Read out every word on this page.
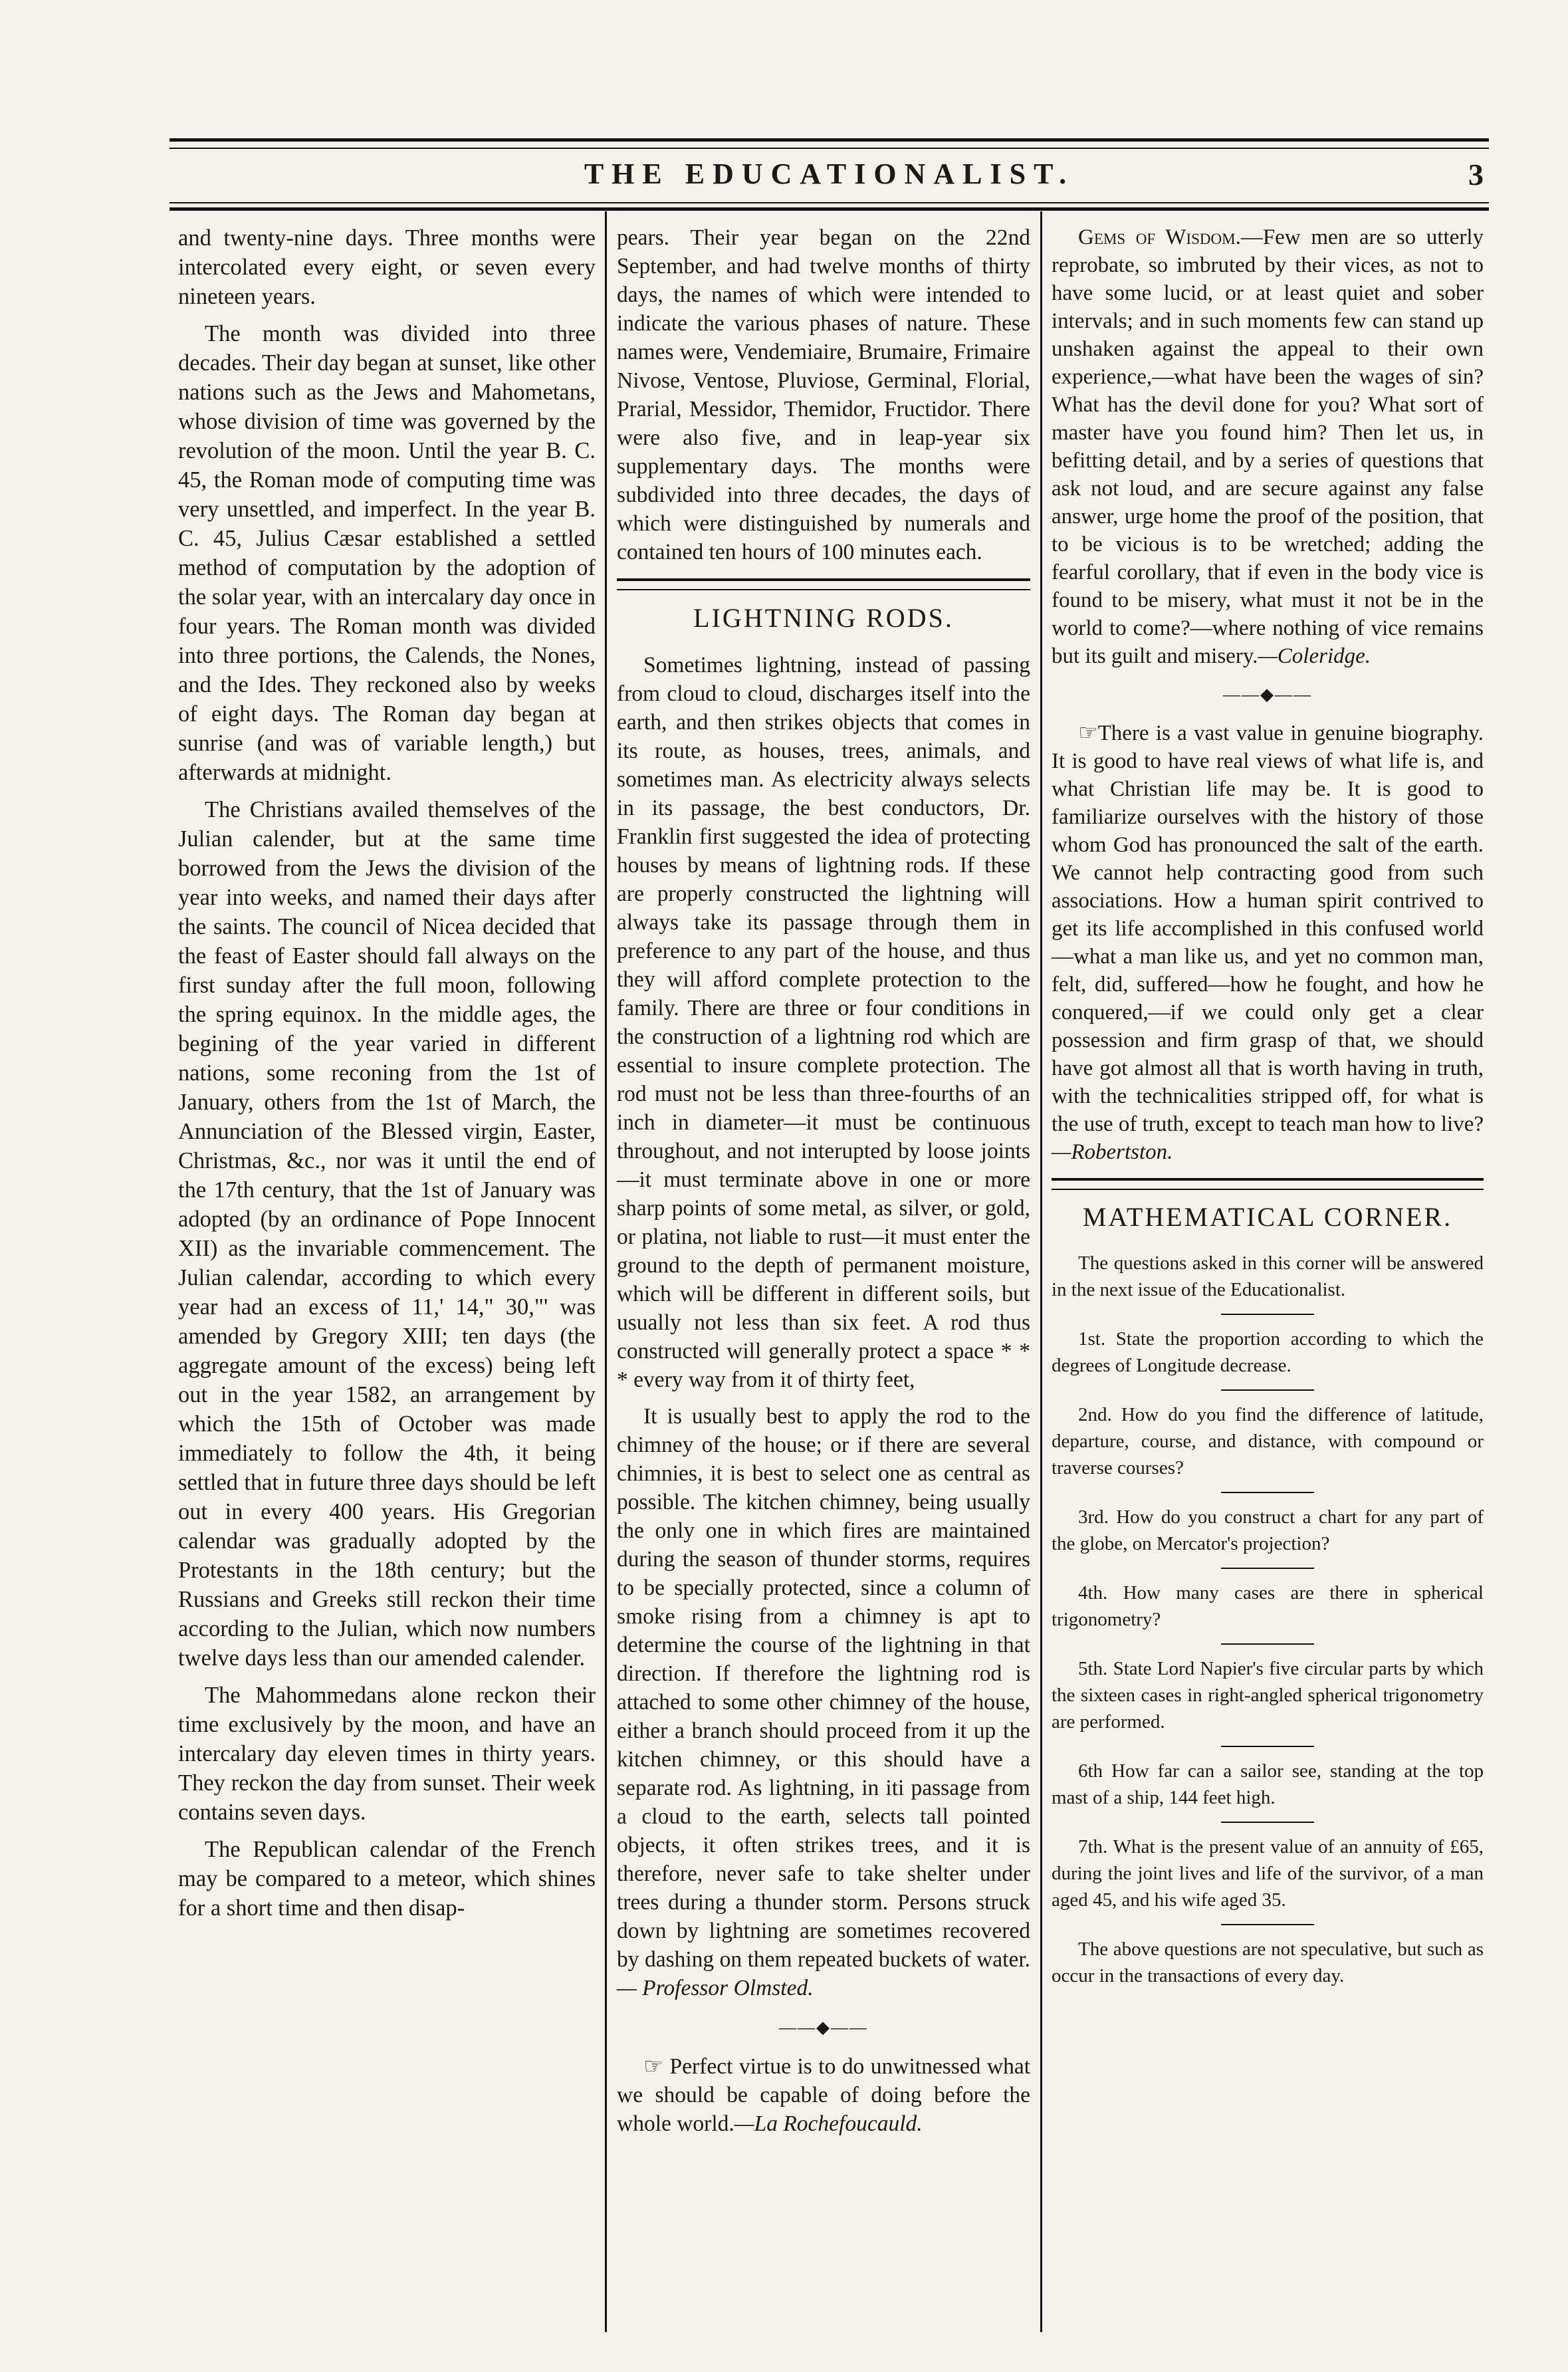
THE EDUCATIONALIST.	3

and twenty-nine days. Three months were intercolated every eight, or seven every nineteen years.

The month was divided into three decades. Their day began at sunset, like other nations such as the Jews and Mahometans, whose division of time was governed by the revolution of the moon. Until the year B. C. 45, the Roman mode of computing time was very unsettled, and imperfect. In the year B. C. 45, Julius Cæsar established a settled method of computation by the adoption of the solar year, with an intercalary day once in four years. The Roman month was divided into three portions, the Calends, the Nones, and the Ides. They reckoned also by weeks of eight days. The Roman day began at sunrise (and was of variable length,) but afterwards at midnight.

The Christians availed themselves of the Julian calender, but at the same time borrowed from the Jews the division of the year into weeks, and named their days after the saints. The council of Nicea decided that the feast of Easter should fall always on the first sunday after the full moon, following the spring equinox. In the middle ages, the begining of the year varied in different nations, some reconing from the 1st of January, others from the 1st of March, the Annunciation of the Blessed virgin, Easter, Christmas, &c., nor was it until the end of the 17th century, that the 1st of January was adopted (by an ordinance of Pope Innocent XII) as the invariable commencement. The Julian calendar, according to which every year had an excess of 11,' 14," 30,"' was amended by Gregory XIII; ten days (the aggregate amount of the excess) being left out in the year 1582, an arrangement by which the 15th of October was made immediately to follow the 4th, it being settled that in future three days should be left out in every 400 years. His Gregorian calendar was gradually adopted by the Protestants in the 18th century; but the Russians and Greeks still reckon their time according to the Julian, which now numbers twelve days less than our amended calender.

The Mahommedans alone reckon their time exclusively by the moon, and have an intercalary day eleven times in thirty years. They reckon the day from sunset. Their week contains seven days.

The Republican calendar of the French may be compared to a meteor, which shines for a short time and then disap-

pears. Their year began on the 22nd September, and had twelve months of thirty days, the names of which were intended to indicate the various phases of nature. These names were, Vendemiaire, Brumaire, Frimaire Nivose, Ventose, Pluviose, Germinal, Florial, Prarial, Messidor, Themidor, Fructidor. There were also five, and in leap-year six supplementary days. The months were subdivided into three decades, the days of which were distinguished by numerals and contained ten hours of 100 minutes each.

LIGHTNING RODS.

Sometimes lightning, instead of passing from cloud to cloud, discharges itself into the earth, and then strikes objects that comes in its route, as houses, trees, animals, and sometimes man. As electricity always selects in its passage, the best conductors, Dr. Franklin first suggested the idea of protecting houses by means of lightning rods. If these are properly constructed the lightning will always take its passage through them in preference to any part of the house, and thus they will afford complete protection to the family. There are three or four conditions in the construction of a lightning rod which are essential to insure complete protection. The rod must not be less than three-fourths of an inch in diameter—it must be continuous throughout, and not interupted by loose joints—it must terminate above in one or more sharp points of some metal, as silver, or gold, or platina, not liable to rust—it must enter the ground to the depth of permanent moisture, which will be different in different soils, but usually not less than six feet. A rod thus constructed will generally protect a space * * * every way from it of thirty feet,

It is usually best to apply the rod to the chimney of the house; or if there are several chimnies, it is best to select one as central as possible. The kitchen chimney, being usually the only one in which fires are maintained during the season of thunder storms, requires to be specially protected, since a column of smoke rising from a chimney is apt to determine the course of the lightning in that direction. If therefore the lightning rod is attached to some other chimney of the house, either a branch should proceed from it up the kitchen chimney, or this should have a separate rod. As lightning, in iti passage from a cloud to the earth, selects tall pointed objects, it often strikes trees, and it is therefore, never safe to take shelter under trees during a thunder storm. Persons struck down by lightning are sometimes recovered by dashing on them repeated buckets of water. — Professor Olmsted.

——◆——

☞ Perfect virtue is to do unwitnessed what we should be capable of doing before the whole world.—La Rochefoucauld.

Gems of Wisdom.—Few men are so utterly reprobate, so imbruted by their vices, as not to have some lucid, or at least quiet and sober intervals; and in such moments few can stand up unshaken against the appeal to their own experience,—what have been the wages of sin? What has the devil done for you? What sort of master have you found him? Then let us, in befitting detail, and by a series of questions that ask not loud, and are secure against any false answer, urge home the proof of the position, that to be vicious is to be wretched; adding the fearful corollary, that if even in the body vice is found to be misery, what must it not be in the world to come?—where nothing of vice remains but its guilt and misery.—Coleridge.

——◆——

☞There is a vast value in genuine biography. It is good to have real views of what life is, and what Christian life may be. It is good to familiarize ourselves with the history of those whom God has pronounced the salt of the earth. We cannot help contracting good from such associations. How a human spirit contrived to get its life accomplished in this confused world—what a man like us, and yet no common man, felt, did, suffered—how he fought, and how he conquered,—if we could only get a clear possession and firm grasp of that, we should have got almost all that is worth having in truth, with the technicalities stripped off, for what is the use of truth, except to teach man how to live?—Robertston.

MATHEMATICAL CORNER.

The questions asked in this corner will be answered in the next issue of the Educationalist.

1st. State the proportion according to which the degrees of Longitude decrease.

2nd. How do you find the difference of latitude, departure, course, and distance, with compound or traverse courses?

3rd. How do you construct a chart for any part of the globe, on Mercator's projection?

4th. How many cases are there in spherical trigonometry?

5th. State Lord Napier's five circular parts by which the sixteen cases in right-angled spherical trigonometry are performed.

6th How far can a sailor see, standing at the top mast of a ship, 144 feet high.

7th. What is the present value of an annuity of £65, during the joint lives and life of the survivor, of a man aged 45, and his wife aged 35.

The above questions are not speculative, but such as occur in the transactions of every day.
